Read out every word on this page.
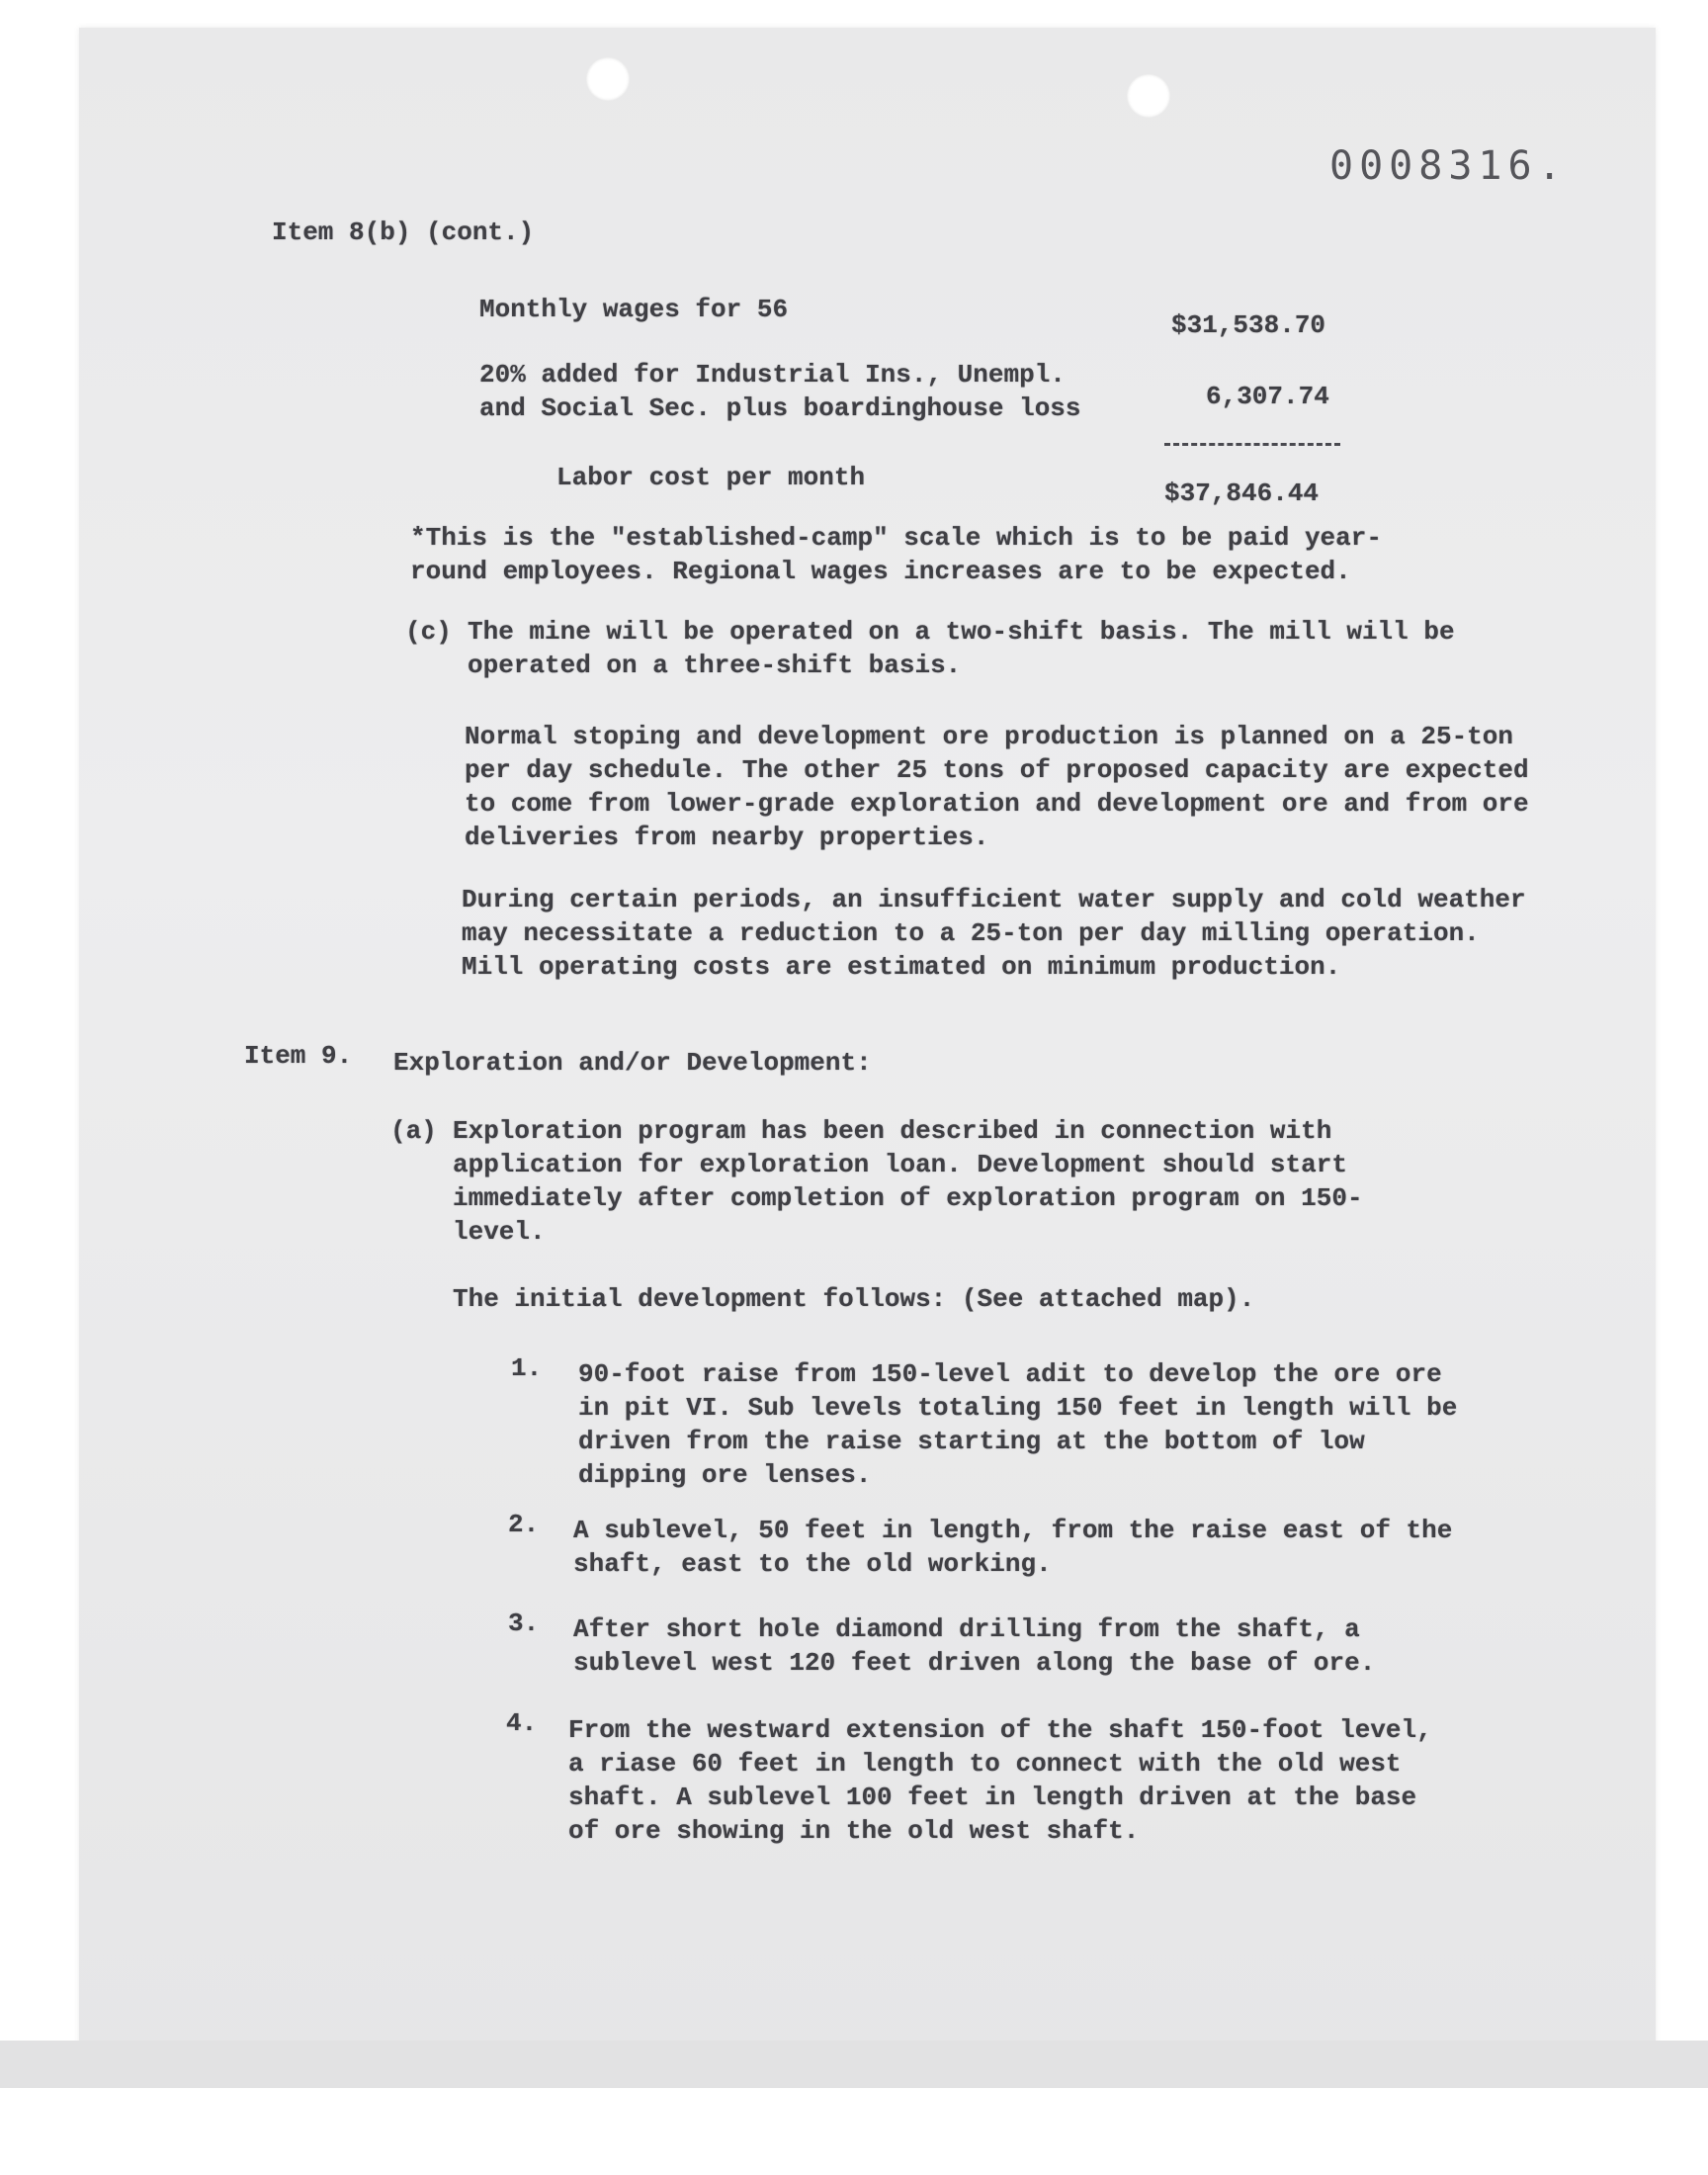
0008316.
Item 8(b) (cont.)
Monthly wages for 56
$31,538.70
20% added for Industrial Ins., Unempl.
and Social Sec. plus boardinghouse loss	6,307.74
Labor cost per month
$37,846.44
*This is the "established-camp" scale which is to be paid year-round employees. Regional wages increases are to be expected.
(c) The mine will be operated on a two-shift basis. The mill will be operated on a three-shift basis.
Normal stoping and development ore production is planned on a 25-ton per day schedule. The other 25 tons of proposed capacity are expected to come from lower-grade exploration and development ore and from ore deliveries from nearby properties.
During certain periods, an insufficient water supply and cold weather may necessitate a reduction to a 25-ton per day milling operation. Mill operating costs are estimated on minimum production.
Item 9. Exploration and/or Development:
(a) Exploration program has been described in connection with application for exploration loan. Development should start immediately after completion of exploration program on 150-level.
The initial development follows: (See attached map).
1. 90-foot raise from 150-level adit to develop the ore ore in pit VI. Sub levels totaling 150 feet in length will be driven from the raise starting at the bottom of low dipping ore lenses.
2. A sublevel, 50 feet in length, from the raise east of the shaft, east to the old working.
3. After short hole diamond drilling from the shaft, a sublevel west 120 feet driven along the base of ore.
4. From the westward extension of the shaft 150-foot level, a riase 60 feet in length to connect with the old west shaft. A sublevel 100 feet in length driven at the base of ore showing in the old west shaft.
